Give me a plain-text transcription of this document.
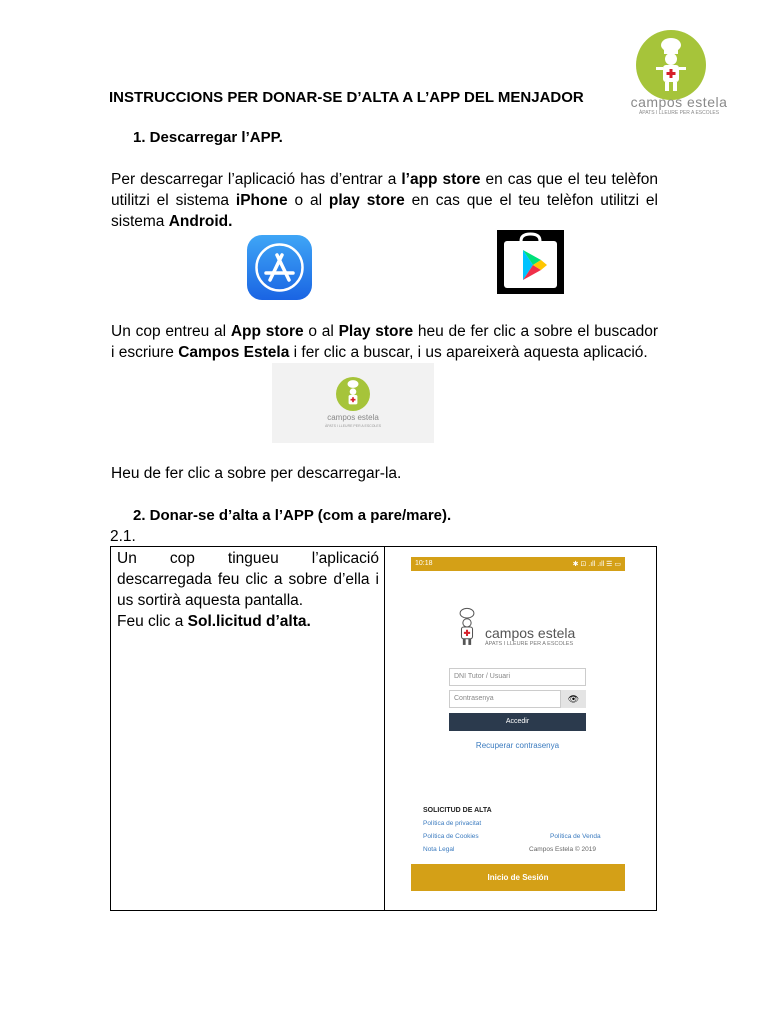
campos estela
ÀPATS I LLEURE PER A ESCOLES
INSTRUCCIONS PER DONAR-SE D’ALTA A L’APP DEL MENJADOR
1. Descarregar l’APP.
Per descarregar l’aplicació has d’entrar a l’app store en cas que el teu telèfon utilitzi el sistema iPhone o al play store en cas que el teu telèfon utilitzi el sistema Android.
Un cop entreu al App store o al Play store heu de fer clic a sobre el buscador i escriure Campos Estela i fer clic a buscar, i us apareixerà aquesta aplicació.
campos estela
ÀPATS I LLEURE PER A ESCOLES
Heu de fer clic a sobre per descarregar-la.
2. Donar-se d’alta a l’APP (com a pare/mare).
2.1.
Un cop tingueu l’aplicació descarregada feu clic a sobre d’ella i us sortirà aquesta pantalla.
Feu clic a Sol.licitud d’alta.
10:18	✱ ⊡ .ıll .ıll ☰ ▭
campos estela
ÀPATS I LLEURE PER A ESCOLES
DNI Tutor / Usuari
Contrasenya	👁
Accedir
Recuperar contrasenya
SOLICITUD DE ALTA
Política de privacitat
Política de Cookies	Política de Venda
Nota Legal	Campos Estela © 2019
Inicio de Sesión
